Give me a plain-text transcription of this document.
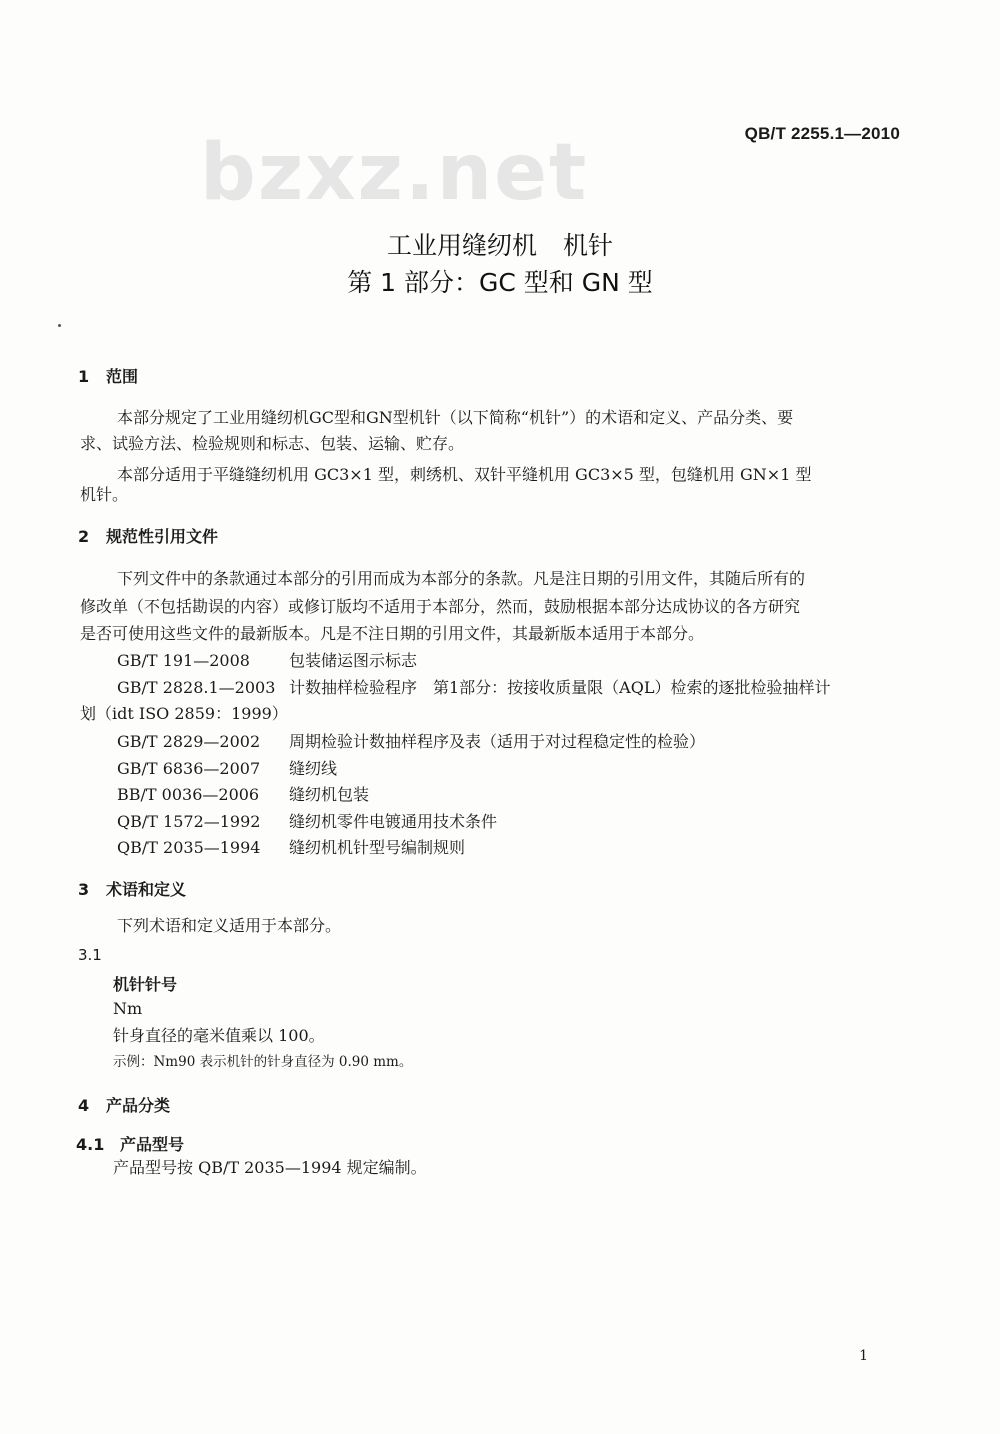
bzxz.net	QB/T 2255.1—2010
工业用缝纫机 机针
第 1 部分：GC 型和 GN 型
1 范围
本部分规定了工业用缝纫机GC型和GN型机针（以下简称“机针”）的术语和定义、产品分类、要
求、试验方法、检验规则和标志、包装、运输、贮存。
本部分适用于平缝缝纫机用 GC3×1 型，刺绣机、双针平缝机用 GC3×5 型，包缝机用 GN×1 型
机针。
2 规范性引用文件
下列文件中的条款通过本部分的引用而成为本部分的条款。凡是注日期的引用文件，其随后所有的
修改单（不包括勘误的内容）或修订版均不适用于本部分，然而，鼓励根据本部分达成协议的各方研究
是否可使用这些文件的最新版本。凡是不注日期的引用文件，其最新版本适用于本部分。
GB/T 191—2008 包装储运图示标志
GB/T 2828.1—2003 计数抽样检验程序　第1部分：按接收质量限（AQL）检索的逐批检验抽样计
划（idt ISO 2859：1999）
GB/T 2829—2002 周期检验计数抽样程序及表（适用于对过程稳定性的检验）
GB/T 6836—2007 缝纫线
BB/T 0036—2006 缝纫机包装
QB/T 1572—1992 缝纫机零件电镀通用技术条件
QB/T 2035—1994 缝纫机机针型号编制规则
3 术语和定义
下列术语和定义适用于本部分。
3.1
机针针号
Nm
针身直径的毫米值乘以 100。
示例：Nm90 表示机针的针身直径为 0.90 mm。
4 产品分类
4.1 产品型号
产品型号按 QB/T 2035—1994 规定编制。
1
